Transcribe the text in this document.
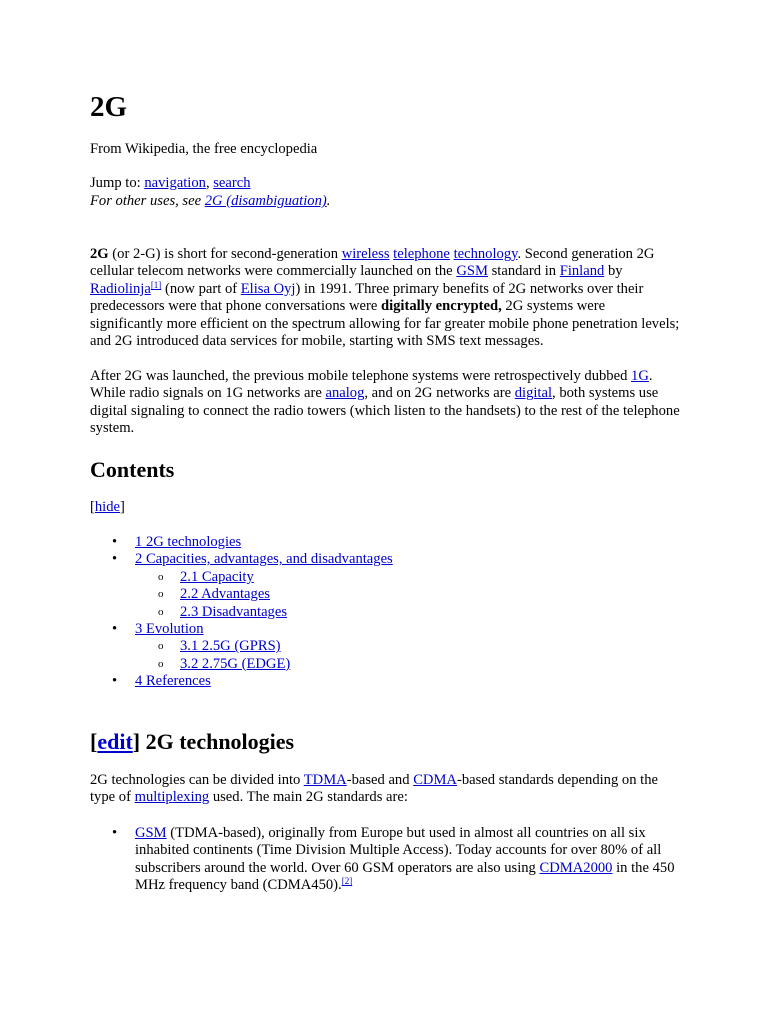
2G
From Wikipedia, the free encyclopedia
Jump to: navigation, search
For other uses, see 2G (disambiguation).

2G (or 2-G) is short for second-generation wireless telephone technology. Second generation 2G cellular telecom networks were commercially launched on the GSM standard in Finland by Radiolinja[1] (now part of Elisa Oyj) in 1991. Three primary benefits of 2G networks over their predecessors were that phone conversations were digitally encrypted, 2G systems were significantly more efficient on the spectrum allowing for far greater mobile phone penetration levels; and 2G introduced data services for mobile, starting with SMS text messages.

After 2G was launched, the previous mobile telephone systems were retrospectively dubbed 1G. While radio signals on 1G networks are analog, and on 2G networks are digital, both systems use digital signaling to connect the radio towers (which listen to the handsets) to the rest of the telephone system.

Contents
[hide]
• 1 2G technologies
• 2 Capacities, advantages, and disadvantages
o 2.1 Capacity
o 2.2 Advantages
o 2.3 Disadvantages
• 3 Evolution
o 3.1 2.5G (GPRS)
o 3.2 2.75G (EDGE)
• 4 References
[edit] 2G technologies

2G technologies can be divided into TDMA-based and CDMA-based standards depending on the type of multiplexing used. The main 2G standards are:

• GSM (TDMA-based), originally from Europe but used in almost all countries on all six inhabited continents (Time Division Multiple Access). Today accounts for over 80% of all subscribers around the world. Over 60 GSM operators are also using CDMA2000 in the 450 MHz frequency band (CDMA450).[2]
